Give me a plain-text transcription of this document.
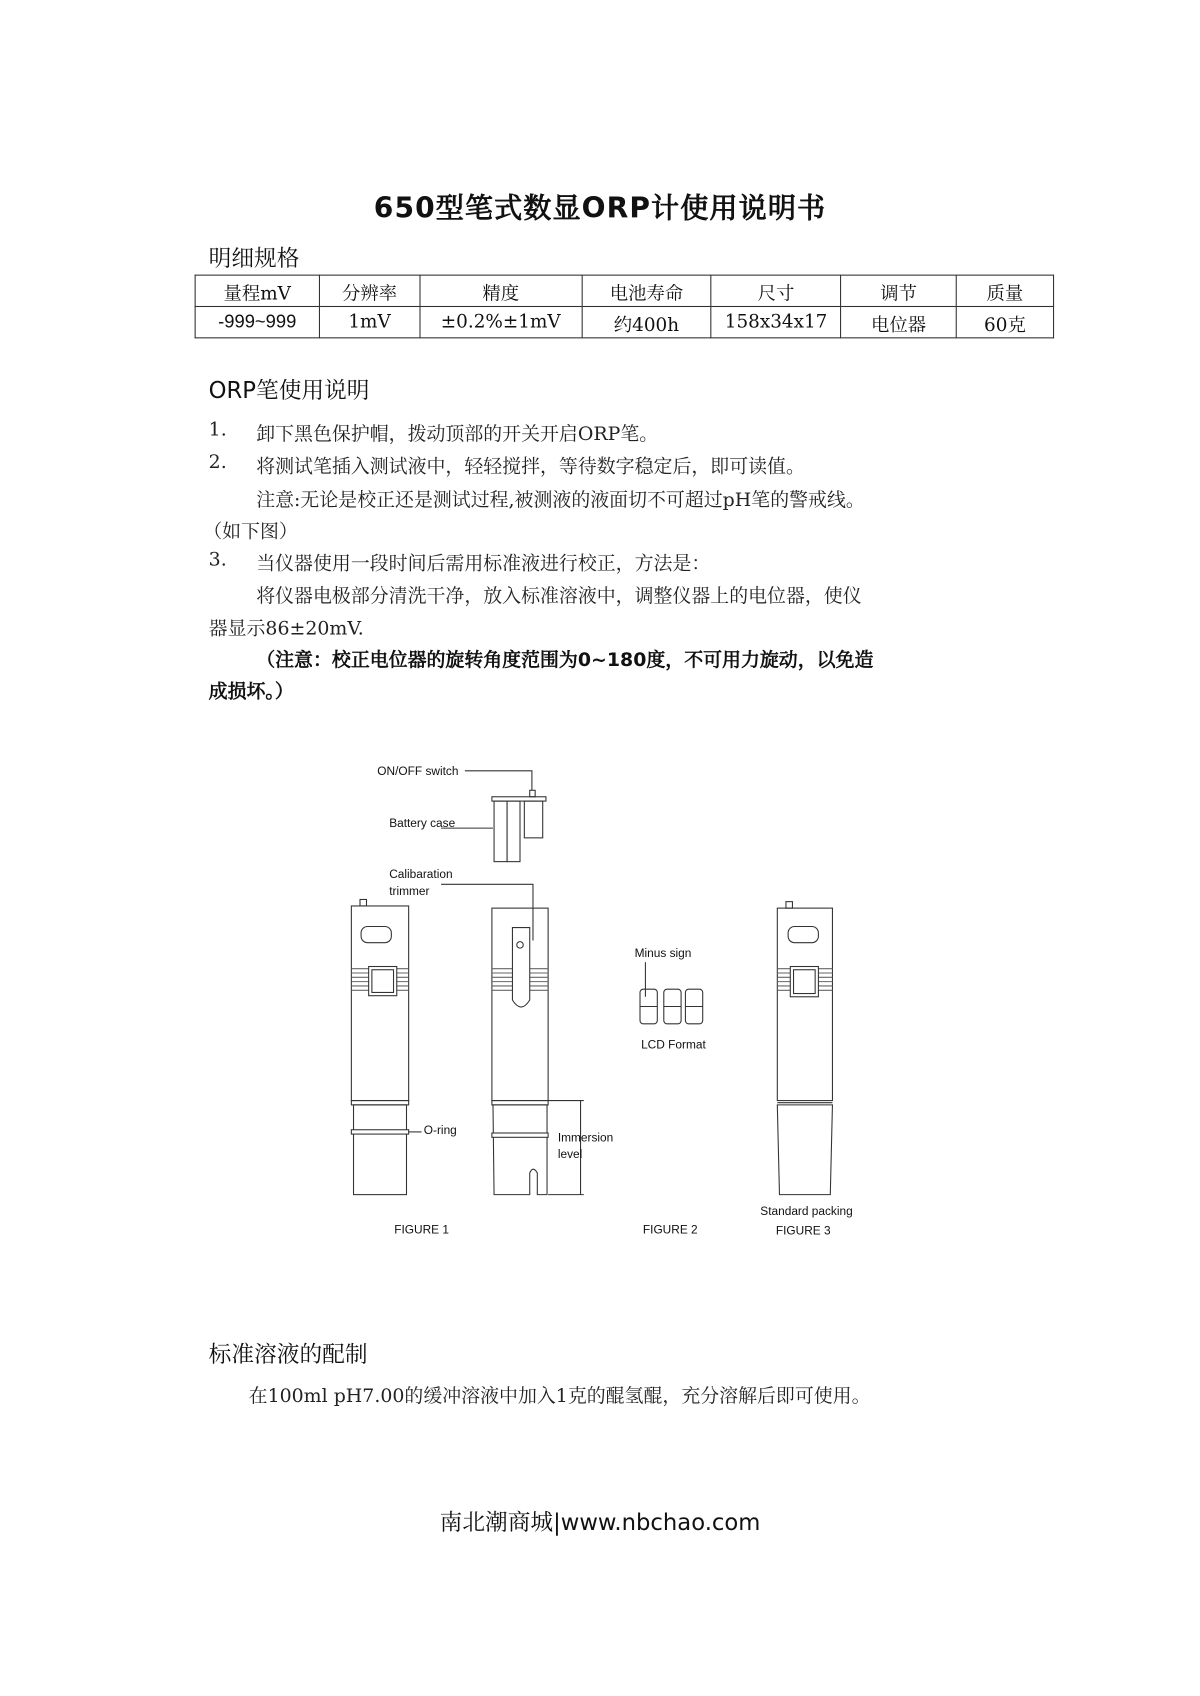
650型笔式数显ORP计使用说明书
明细规格
量程mV	分辨率	精度	电池寿命	尺寸	调节	质量
-999~999	1mV	±0.2%±1mV	约400h	158x34x17	电位器	60克
ORP笔使用说明
1. 卸下黑色保护帽，拨动顶部的开关开启ORP笔。
2. 将测试笔插入测试液中，轻轻搅拌，等待数字稳定后，即可读值。
注意:无论是校正还是测试过程,被测液的液面切不可超过pH笔的警戒线。
（如下图）
3. 当仪器使用一段时间后需用标准液进行校正，方法是：
将仪器电极部分清洗干净，放入标准溶液中，调整仪器上的电位器，使仪
器显示86±20mV.
（注意：校正电位器的旋转角度范围为0~180度，不可用力旋动，以免造
成损坏。）
ON/OFF switch
Battery case
Calibaration
trimmer
O-ring
Immersion
level
Minus sign
LCD Format
Standard packing
FIGURE 1	FIGURE 2	FIGURE 3
标准溶液的配制
在100ml pH7.00的缓冲溶液中加入1克的醌氢醌，充分溶解后即可使用。
南北潮商城|www.nbchao.com
